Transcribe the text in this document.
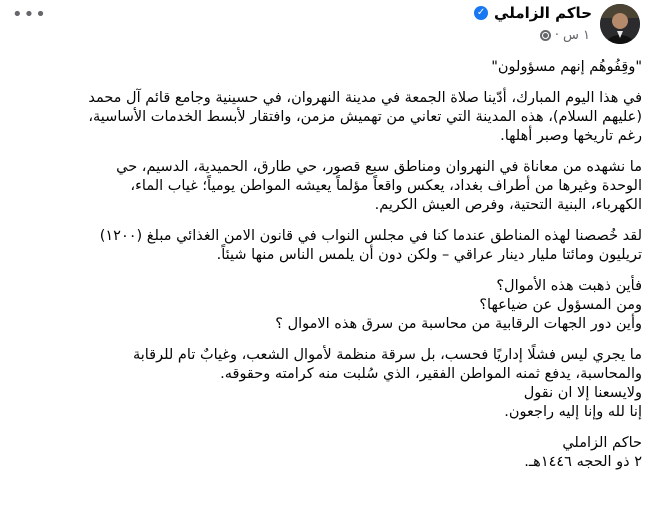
حاكم الزاملي
✓
١ س
·
•••

"وقِفُوهُم إنهم مسؤولون"

في هذا اليوم المبارك، أدّينا صلاة الجمعة في مدينة النهروان، في حسينية وجامع قائم آل محمد
(عليهم السلام)، هذه المدينة التي تعاني من تهميش مزمن، وافتقار لأبسط الخدمات الأساسية،
رغم تاريخها وصبر أهلها.

ما نشهده من معاناة في النهروان ومناطق سبع قصور، حي طارق، الحميدية، الدسيم، حي
الوحدة وغيرها من أطراف بغداد، يعكس واقعاً مؤلماً يعيشه المواطن يومياً؛ غياب الماء،
الكهرباء، البنية التحتية، وفرص العيش الكريم.

لقد خُصصنا لهذه المناطق عندما كنا في مجلس النواب في قانون الامن الغذائي مبلغ (١٢٠٠)
تريليون ومائتا مليار دينار عراقي – ولكن دون أن يلمس الناس منها شيئاً.

فأين ذهبت هذه الأموال؟
ومن المسؤول عن ضياعها؟
وأين دور الجهات الرقابية من محاسبة من سرق هذه الاموال ؟

ما يجري ليس فشلًا إداريًا فحسب، بل سرقة منظمة لأموال الشعب، وغيابٌ تام للرقابة
والمحاسبة، يدفع ثمنه المواطن الفقير، الذي سُلبت منه كرامته وحقوقه.
ولايسعنا إلا ان نقول
إنا لله وإنا إليه راجعون.

حاكم الزاملي
٢ ذو الحجه ١٤٤٦هـ.
